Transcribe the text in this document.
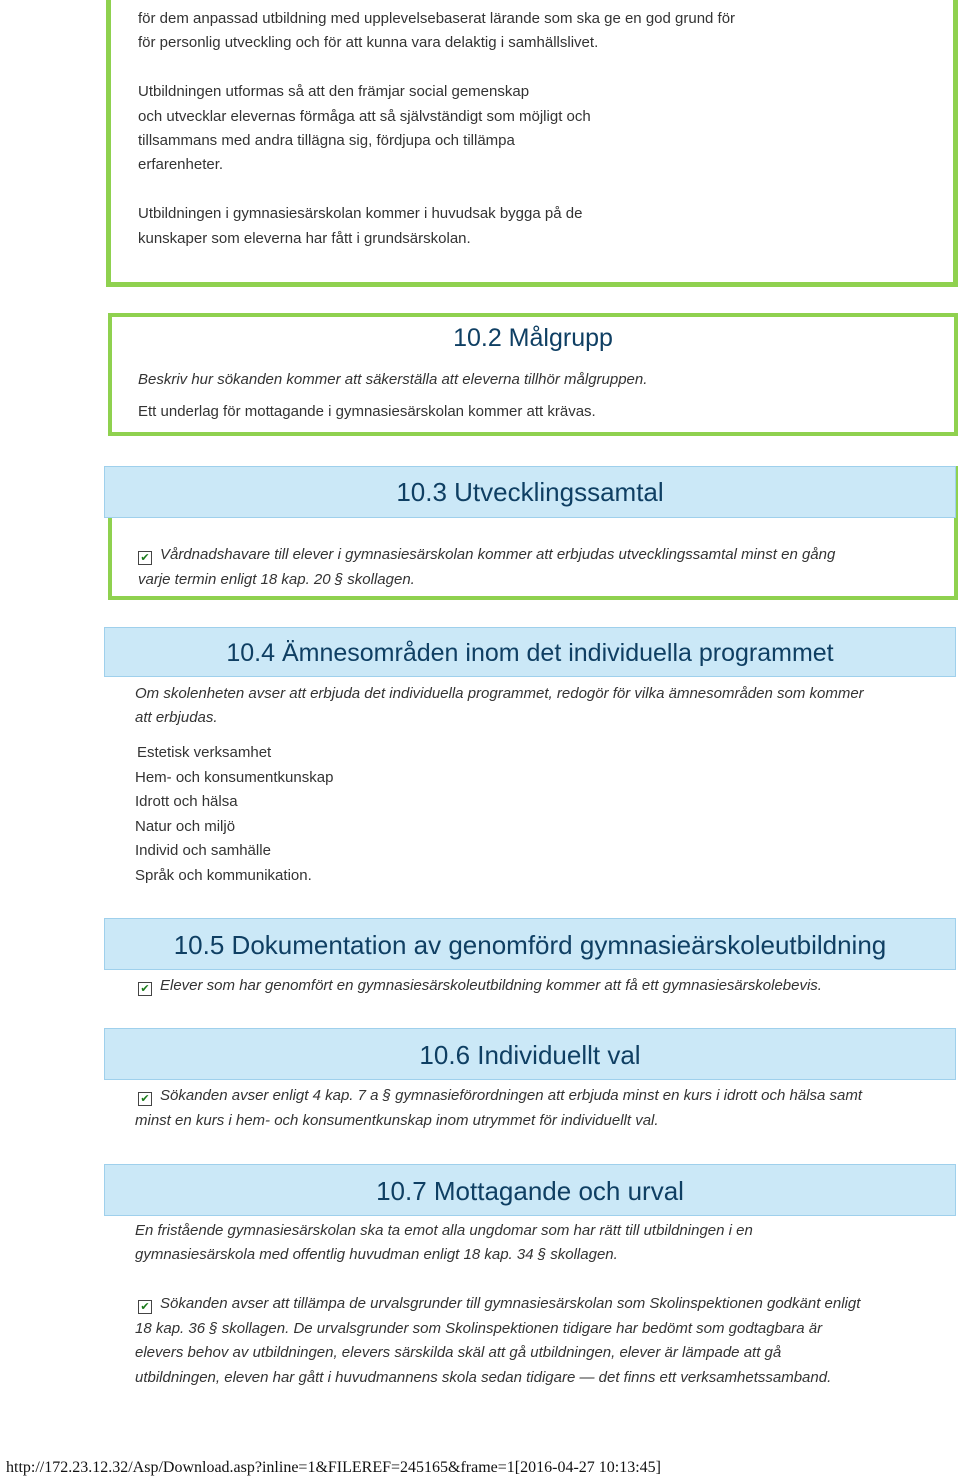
för dem anpassad utbildning med upplevelsebaserat lärande som ska ge en god grund för
för personlig utveckling och för att kunna vara delaktig i samhällslivet.
Utbildningen utformas så att den främjar social gemenskap
och utvecklar elevernas förmåga att så självständigt som möjligt och
tillsammans med andra tillägna sig, fördjupa och tillämpa
erfarenheter.
Utbildningen i gymnasiesärskolan kommer i huvudsak bygga på de
kunskaper som eleverna har fått i grundsärskolan.
10.2 Målgrupp
Beskriv hur sökanden kommer att säkerställa att eleverna tillhör målgruppen.
Ett underlag för mottagande i gymnasiesärskolan kommer att krävas.
10.3 Utvecklingssamtal
✔ Vårdnadshavare till elever i gymnasiesärskolan kommer att erbjudas utvecklingssamtal minst en gång
varje termin enligt 18 kap. 20 § skollagen.
10.4 Ämnesområden inom det individuella programmet
Om skolenheten avser att erbjuda det individuella programmet, redogör för vilka ämnesområden som kommer
att erbjudas.
Estetisk verksamhet
Hem- och konsumentkunskap
Idrott och hälsa
Natur och miljö
Individ och samhälle
Språk och kommunikation.
10.5 Dokumentation av genomförd gymnasieärskoleutbildning
✔ Elever som har genomfört en gymnasiesärskoleutbildning kommer att få ett gymnasiesärskolebevis.
10.6 Individuellt val
✔ Sökanden avser enligt 4 kap. 7 a § gymnasieförordningen att erbjuda minst en kurs i idrott och hälsa samt
minst en kurs i hem- och konsumentkunskap inom utrymmet för individuellt val.
10.7 Mottagande och urval
En fristående gymnasiesärskolan ska ta emot alla ungdomar som har rätt till utbildningen i en
gymnasiesärskola med offentlig huvudman enligt 18 kap. 34 § skollagen.
✔ Sökanden avser att tillämpa de urvalsgrunder till gymnasiesärskolan som Skolinspektionen godkänt enligt
18 kap. 36 § skollagen. De urvalsgrunder som Skolinspektionen tidigare har bedömt som godtagbara är
elevers behov av utbildningen, elevers särskilda skäl att gå utbildningen, elever är lämpade att gå
utbildningen, eleven har gått i huvudmannens skola sedan tidigare — det finns ett verksamhetssamband.
http://172.23.12.32/Asp/Download.asp?inline=1&FILEREF=245165&frame=1[2016-04-27 10:13:45]
